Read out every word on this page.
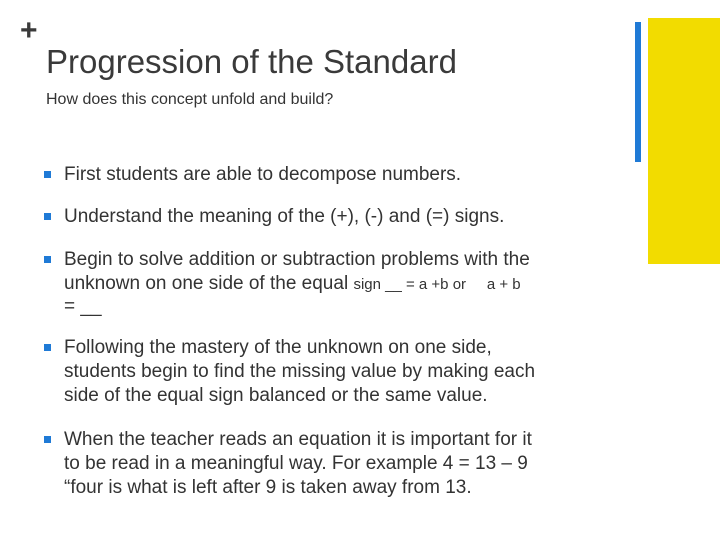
+
Progression of the Standard
How does this concept unfold and build?
First students are able to decompose numbers.
Understand the meaning of the (+), (-) and (=) signs.
Begin to solve addition or subtraction problems with the
unknown on one side of the equal sign __ = a +b or     a + b
= __
Following the mastery of the unknown on one side,
students begin to find the missing value by making each
side of the equal sign balanced or the same value.
When the teacher reads an equation it is important for it
to be read in a meaningful way. For example 4 = 13 – 9
“four is what is left after 9 is taken away from 13.
